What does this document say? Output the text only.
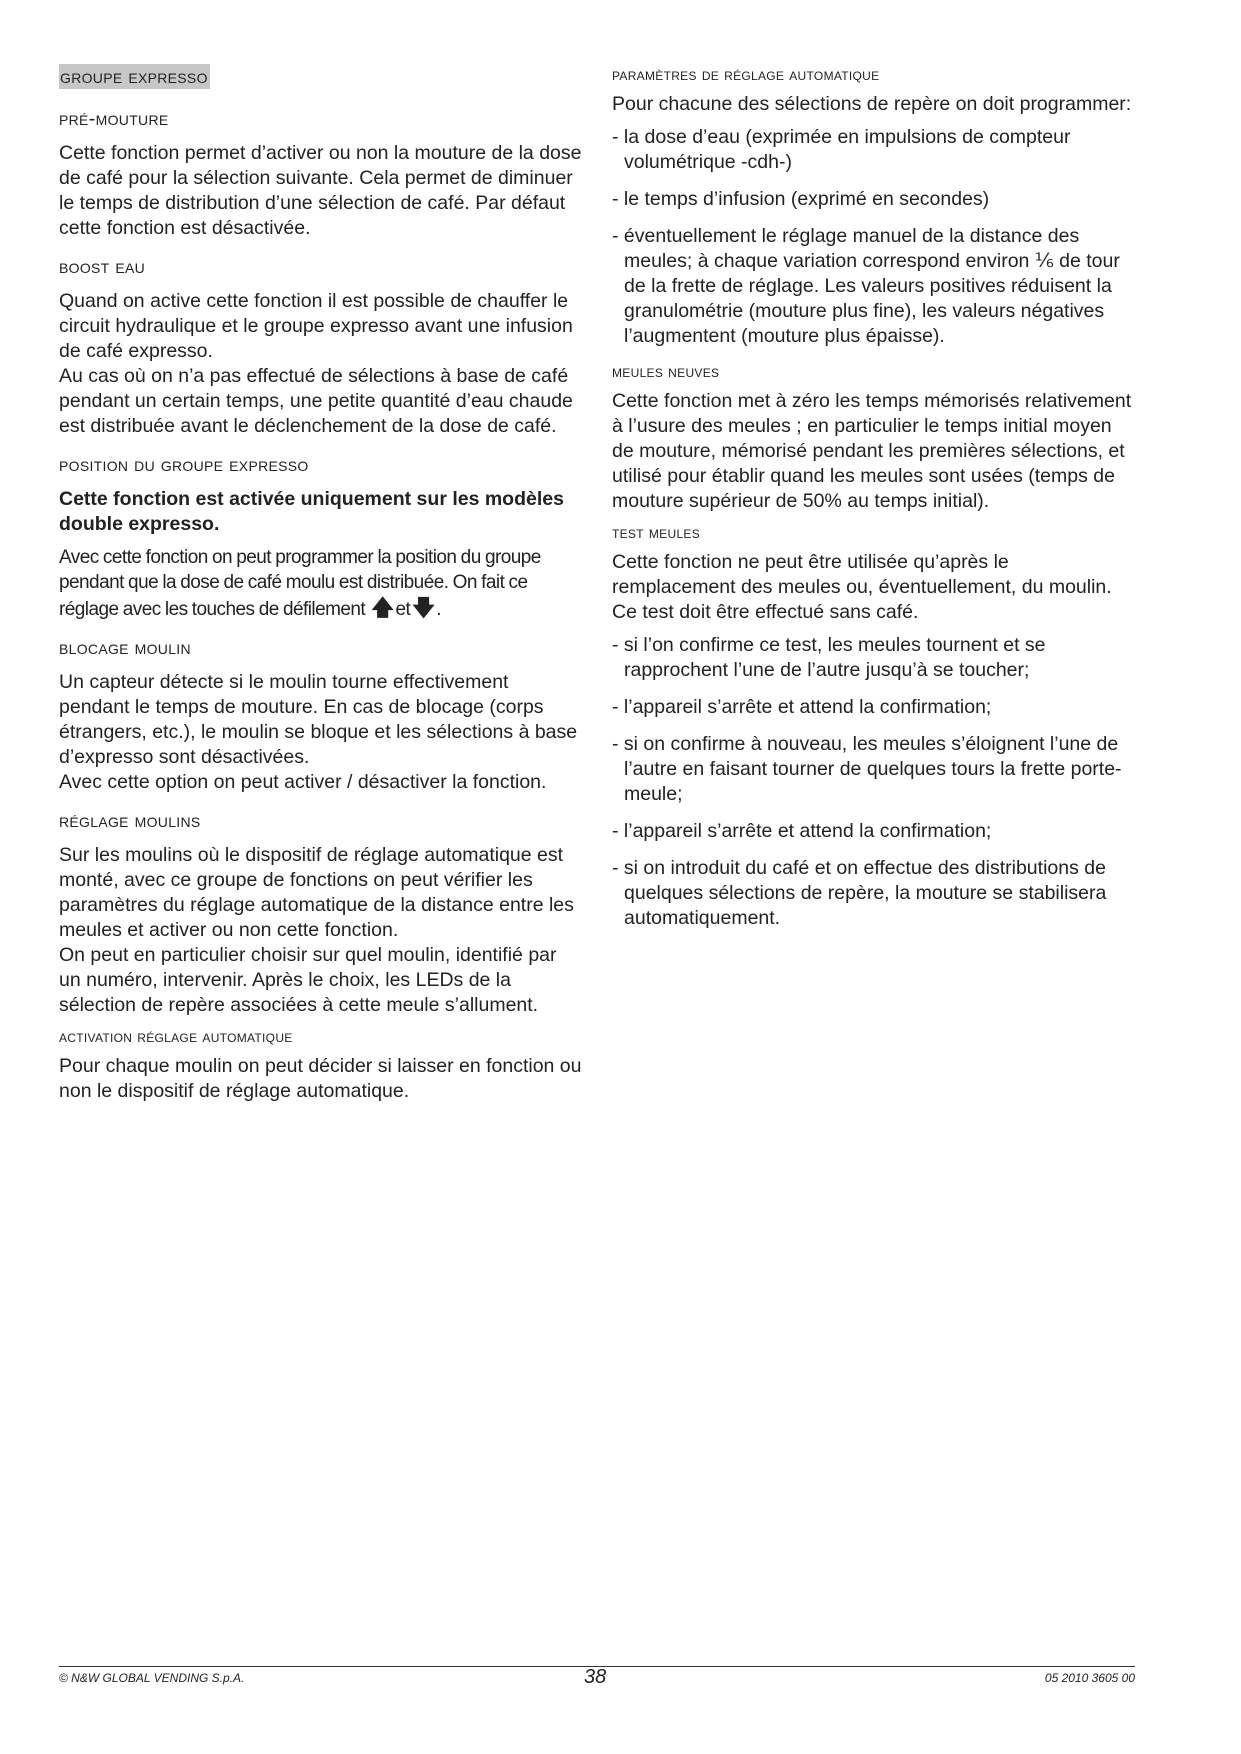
groupe expresso
pré-mouture

Cette fonction permet d’activer ou non la mouture de la dose de café pour la sélection suivante. Cela permet de diminuer le temps de distribution d’une sélection de café. Par défaut cette fonction est désactivée.

boost eau

Quand on active cette fonction il est possible de chauffer le circuit hydraulique et le groupe expresso avant une infusion de café expresso.

Au cas où on n’a pas effectué de sélections à base de café pendant un certain temps, une petite quantité d’eau chaude est distribuée avant le déclenchement de la dose de café.

position du groupe expresso

Cette fonction est activée uniquement sur les modèles double expresso.

Avec cette fonction on peut programmer la position du groupe pendant que la dose de café moulu est distribuée. On fait ce réglage avec les touches de défilement 🡅 et🡇 .

blocage moulin

Un capteur détecte si le moulin tourne effectivement pendant le temps de mouture. En cas de blocage (corps étrangers, etc.), le moulin se bloque et les sélections à base d’expresso sont désactivées.

Avec cette option on peut activer / désactiver la fonction.

réglage moulins

Sur les moulins où le dispositif de réglage automatique est monté, avec ce groupe de fonctions on peut vérifier les paramètres du réglage automatique de la distance entre les meules et activer ou non cette fonction.

On peut en particulier choisir sur quel moulin, identifié par un numéro, intervenir. Après le choix, les LEDs de la sélection de repère associées à cette meule s’allument.

activation réglage automatique

Pour chaque moulin on peut décider si laisser en fonction ou non le dispositif de réglage automatique.

paramètres de réglage automatique

Pour chacune des sélections de repère on doit programmer:

- la dose d’eau (exprimée en impulsions de compteur volumétrique -cdh-)
- le temps d’infusion (exprimé en secondes)
- éventuellement le réglage manuel de la distance des meules; à chaque variation correspond environ ⅙ de tour de la frette de réglage. Les valeurs positives réduisent la granulométrie (mouture plus fine), les valeurs négatives l’augmentent (mouture plus épaisse).
meules neuves

Cette fonction met à zéro les temps mémorisés relativement à l’usure des meules ; en particulier le temps initial moyen de mouture, mémorisé pendant les premières sélections, et utilisé pour établir quand les meules sont usées (temps de mouture supérieur de 50% au temps initial).

test meules

Cette fonction ne peut être utilisée qu’après le remplacement des meules ou, éventuellement, du moulin.

Ce test doit être effectué sans café.

- si l’on confirme ce test, les meules tournent et se rapprochent l’une de l’autre jusqu’à se toucher;
- l’appareil s’arrête et attend la confirmation;
- si on confirme à nouveau, les meules s’éloignent l’une de l’autre en faisant tourner de quelques tours la frette porte-meule;
- l’appareil s’arrête et attend la confirmation;
- si on introduit du café et on effectue des distributions de quelques sélections de repère, la mouture se stabilisera automatiquement.
© N&W GLOBAL VENDING S.p.A.	38	05 2010 3605 00
